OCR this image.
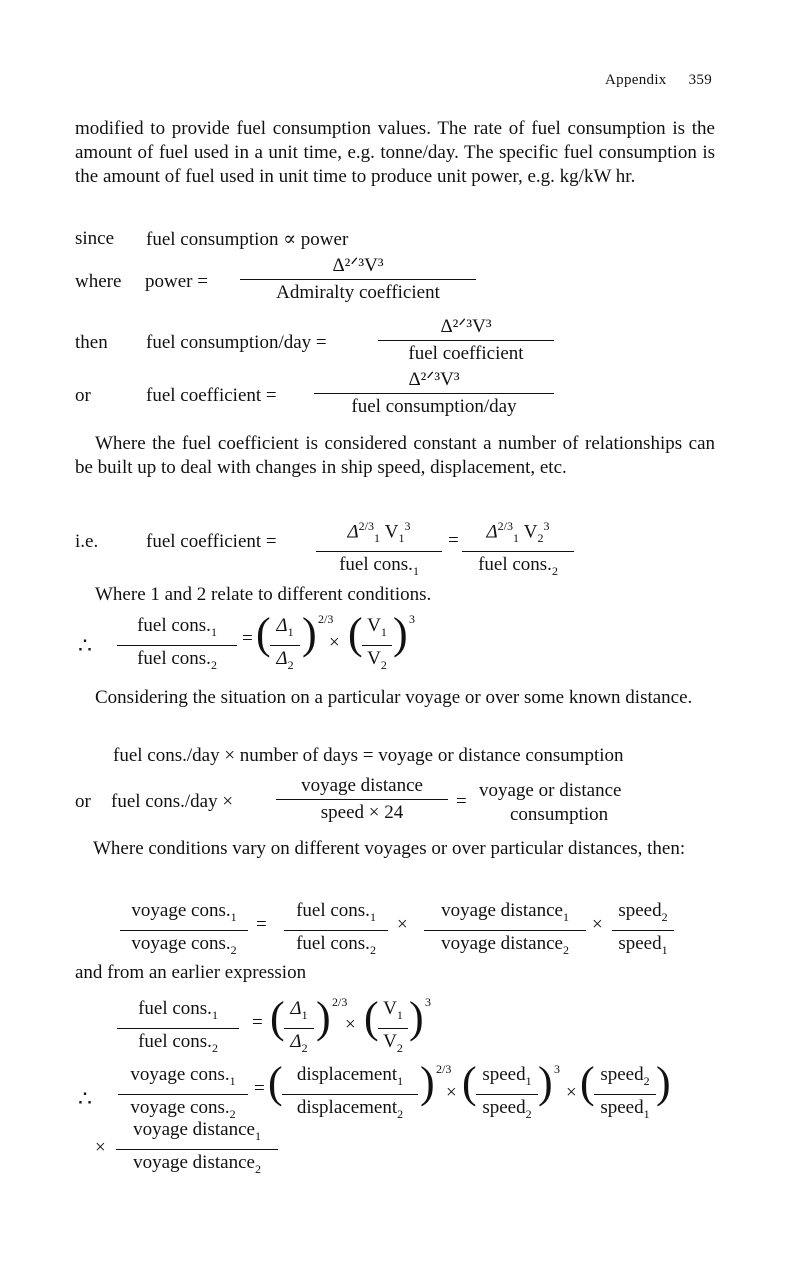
Appendix 359
modified to provide fuel consumption values. The rate of fuel consumption is the amount of fuel used in a unit time, e.g. tonne/day. The specific fuel consumption is the amount of fuel used in unit time to produce unit power, e.g. kg/kW hr.
since fuel consumption ∝ power
where power =
Δ²ᐟ³V³
Admiralty coefficient
then fuel consumption/day =
Δ²ᐟ³V³
fuel coefficient
or	fuel coefficient =
Δ²ᐟ³V³
fuel consumption/day
Where the fuel coefficient is considered constant a number of relationships can be built up to deal with changes in ship speed, displacement, etc.
i.e.	fuel coefficient =	$\Delta^{2/3}_1$ $V_1^3$
fuel $cons._1$
=	$\Delta^{2/3}_1$ $V_2^3$
fuel $cons._2$
Where 1 and 2 relate to different conditions.
∴
fuel $cons._1$
fuel $cons._2$
= ( $\Delta_1$
$\Delta_2$
) 2/3
× ( $V_1$
$V_2$
) 3
Considering the situation on a particular voyage or over some known distance.
fuel cons./day × number of days = voyage or distance consumption
or fuel cons./day ×
voyage distance
speed × 24
=
voyage or distance
consumption
Where conditions vary on different voyages or over particular distances, then:
voyage $cons._1$
voyage $cons._2$
=
fuel $cons._1$
fuel $cons._2$
×
voyage distance$_1$
voyage distance$_2$
×
speed$_2$
speed$_1$
and from an earlier expression
fuel $cons._1$
fuel $cons._2$
= ( $\Delta_1$
$\Delta_2$
) 2/3
× ( $V_1$
$V_2$
) 3
∴
voyage $cons._1$
voyage $cons._2$
= ( displacement$_1$
displacement$_2$
) 2/3
× ( speed$_1$
speed$_2$
) 3
× ( speed$_2$
speed$_1$
)
×
voyage distance$_1$
voyage distance$_2$
